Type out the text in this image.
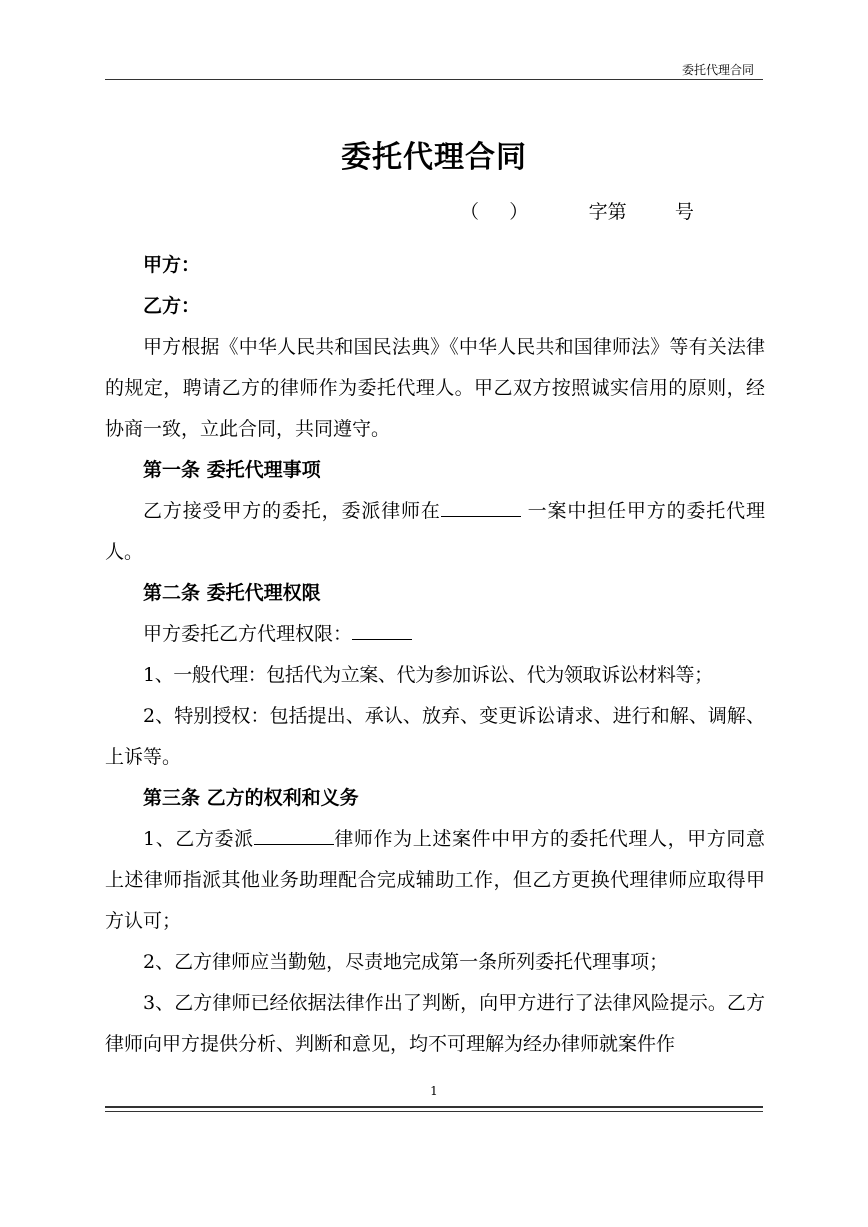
委托代理合同
委托代理合同
（     ）          字第        号

甲方：

乙方：

甲方根据《中华人民共和国民法典》《中华人民共和国律师法》等有关法律的规定，聘请乙方的律师作为委托代理人。甲乙双方按照诚实信用的原则，经协商一致，立此合同，共同遵守。

第一条 委托代理事项

乙方接受甲方的委托，委派律师在	一案中担任甲方的委托代理人。

第二条 委托代理权限

甲方委托乙方代理权限：

1、一般代理：包括代为立案、代为参加诉讼、代为领取诉讼材料等；

2、特别授权：包括提出、承认、放弃、变更诉讼请求、进行和解、调解、上诉等。

第三条 乙方的权利和义务

1、乙方委派	律师作为上述案件中甲方的委托代理人，甲方同意上述律师指派其他业务助理配合完成辅助工作，但乙方更换代理律师应取得甲方认可；

2、乙方律师应当勤勉，尽责地完成第一条所列委托代理事项；

3、乙方律师已经依据法律作出了判断，向甲方进行了法律风险提示。乙方律师向甲方提供分析、判断和意见，均不可理解为经办律师就案件作

1
